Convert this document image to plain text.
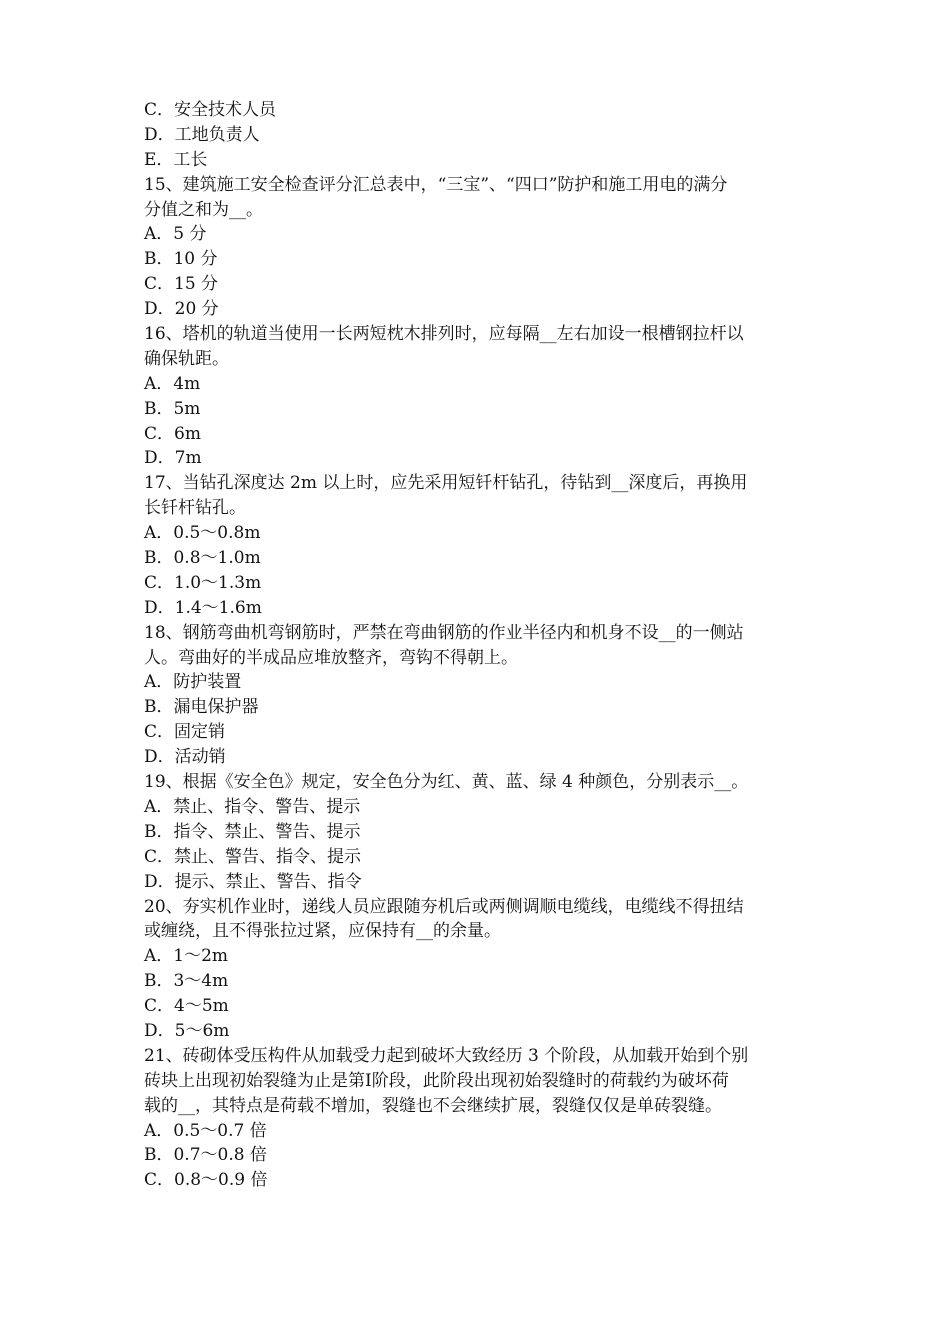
C．安全技术人员
D．工地负责人
E．工长
15、建筑施工安全检查评分汇总表中，“三宝”、“四口”防护和施工用电的满分
分值之和为__。
A．5 分
B．10 分
C．15 分
D．20 分
16、塔机的轨道当使用一长两短枕木排列时，应每隔__左右加设一根槽钢拉杆以
确保轨距。
A．4m
B．5m
C．6m
D．7m
17、当钻孔深度达 2m 以上时，应先采用短钎杆钻孔，待钻到__深度后，再换用
长钎杆钻孔。
A．0.5～0.8m
B．0.8～1.0m
C．1.0～1.3m
D．1.4～1.6m
18、钢筋弯曲机弯钢筋时，严禁在弯曲钢筋的作业半径内和机身不设__的一侧站
人。弯曲好的半成品应堆放整齐，弯钩不得朝上。
A．防护装置
B．漏电保护器
C．固定销
D．活动销
19、根据《安全色》规定，安全色分为红、黄、蓝、绿 4 种颜色，分别表示__。
A．禁止、指令、警告、提示
B．指令、禁止、警告、提示
C．禁止、警告、指令、提示
D．提示、禁止、警告、指令
20、夯实机作业时，递线人员应跟随夯机后或两侧调顺电缆线，电缆线不得扭结
或缠绕，且不得张拉过紧，应保持有__的余量。
A．1～2m
B．3～4m
C．4～5m
D．5～6m
21、砖砌体受压构件从加载受力起到破坏大致经历 3 个阶段，从加载开始到个别
砖块上出现初始裂缝为止是第Ⅰ阶段，此阶段出现初始裂缝时的荷载约为破坏荷
载的__，其特点是荷载不增加，裂缝也不会继续扩展，裂缝仅仅是单砖裂缝。
A．0.5～0.7 倍
B．0.7～0.8 倍
C．0.8～0.9 倍
